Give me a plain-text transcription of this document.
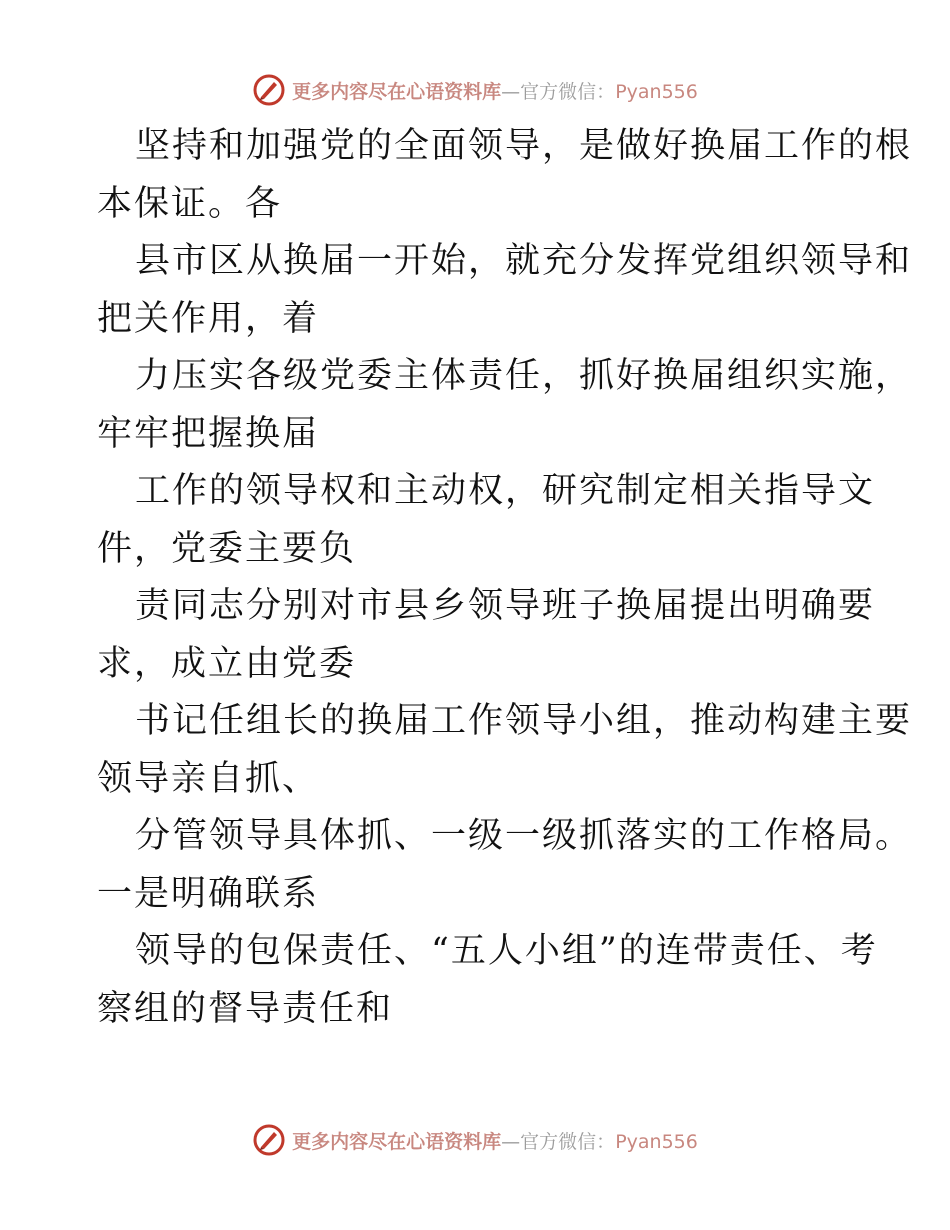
更多内容尽在心语资料库—官方微信：Pyan556
坚持和加强党的全面领导，是做好换届工作的根
本保证。各
县市区从换届一开始，就充分发挥党组织领导和
把关作用，着
力压实各级党委主体责任，抓好换届组织实施，
牢牢把握换届
工作的领导权和主动权，研究制定相关指导文
件，党委主要负
责同志分别对市县乡领导班子换届提出明确要
求，成立由党委
书记任组长的换届工作领导小组，推动构建主要
领导亲自抓、
分管领导具体抓、一级一级抓落实的工作格局。
一是明确联系
领导的包保责任、“五人小组”的连带责任、考
察组的督导责任和
更多内容尽在心语资料库—官方微信：Pyan556
